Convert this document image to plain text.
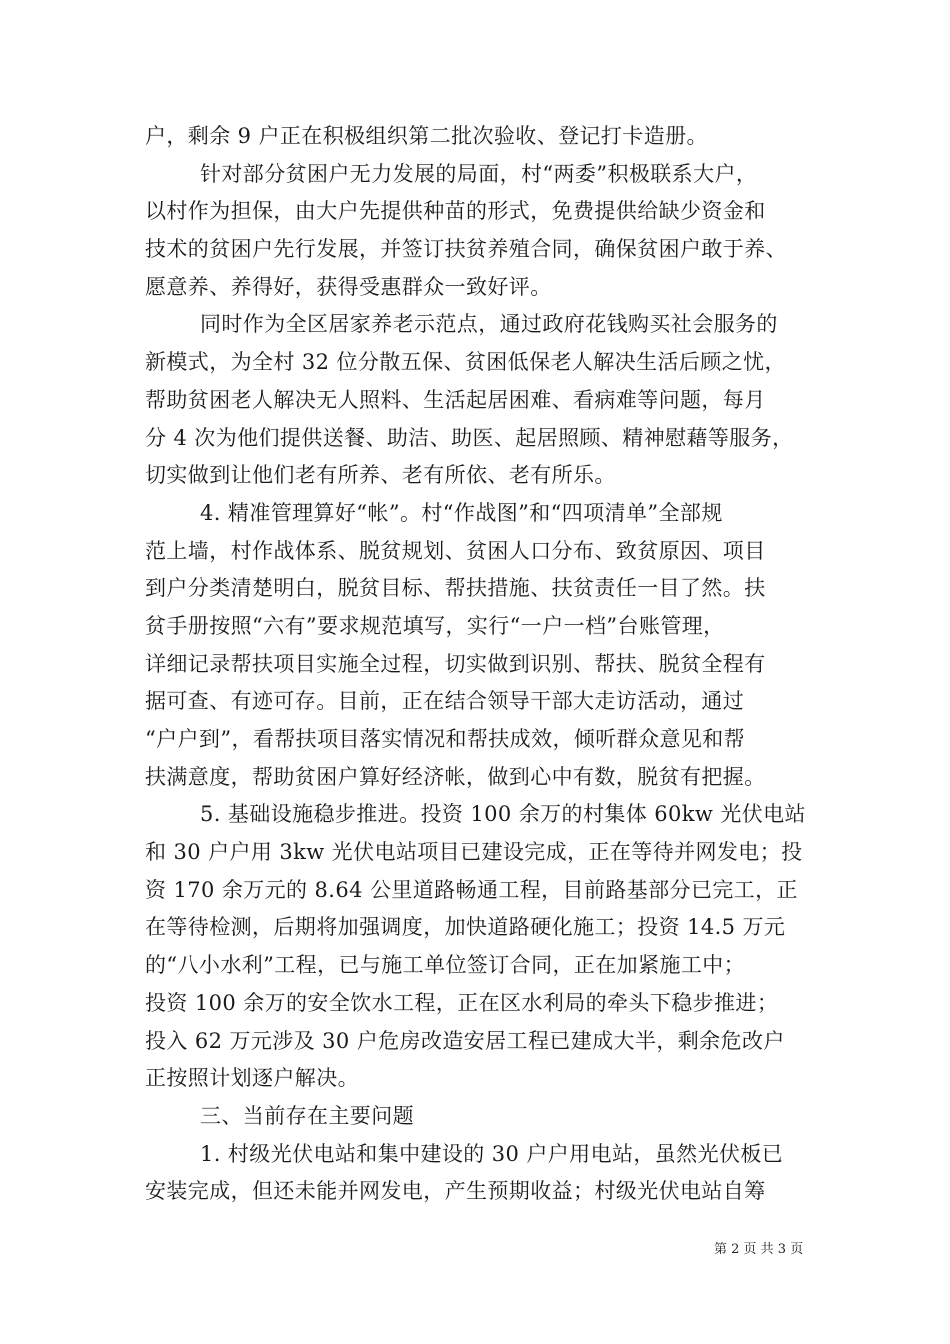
户，剩余 9 户正在积极组织第二批次验收、登记打卡造册。
针对部分贫困户无力发展的局面，村“两委”积极联系大户，
以村作为担保，由大户先提供种苗的形式，免费提供给缺少资金和
技术的贫困户先行发展，并签订扶贫养殖合同，确保贫困户敢于养、
愿意养、养得好，获得受惠群众一致好评。
同时作为全区居家养老示范点，通过政府花钱购买社会服务的
新模式，为全村 32 位分散五保、贫困低保老人解决生活后顾之忧，
帮助贫困老人解决无人照料、生活起居困难、看病难等问题，每月
分 4 次为他们提供送餐、助洁、助医、起居照顾、精神慰藉等服务，
切实做到让他们老有所养、老有所依、老有所乐。
4. 精准管理算好“帐”。村“作战图”和“四项清单”全部规
范上墙，村作战体系、脱贫规划、贫困人口分布、致贫原因、项目
到户分类清楚明白，脱贫目标、帮扶措施、扶贫责任一目了然。扶
贫手册按照“六有”要求规范填写，实行“一户一档”台账管理，
详细记录帮扶项目实施全过程，切实做到识别、帮扶、脱贫全程有
据可查、有迹可存。目前，正在结合领导干部大走访活动，通过
“户户到”，看帮扶项目落实情况和帮扶成效，倾听群众意见和帮
扶满意度，帮助贫困户算好经济帐，做到心中有数，脱贫有把握。
5. 基础设施稳步推进。投资 100 余万的村集体 60kw 光伏电站
和 30 户户用 3kw 光伏电站项目已建设完成，正在等待并网发电；投
资 170 余万元的 8.64 公里道路畅通工程，目前路基部分已完工，正
在等待检测，后期将加强调度，加快道路硬化施工；投资 14.5 万元
的“八小水利”工程，已与施工单位签订合同，正在加紧施工中；
投资 100 余万的安全饮水工程，正在区水利局的牵头下稳步推进；
投入 62 万元涉及 30 户危房改造安居工程已建成大半，剩余危改户
正按照计划逐户解决。
三、当前存在主要问题
1. 村级光伏电站和集中建设的 30 户户用电站，虽然光伏板已
安装完成，但还未能并网发电，产生预期收益；村级光伏电站自筹
第 2 页 共 3 页
